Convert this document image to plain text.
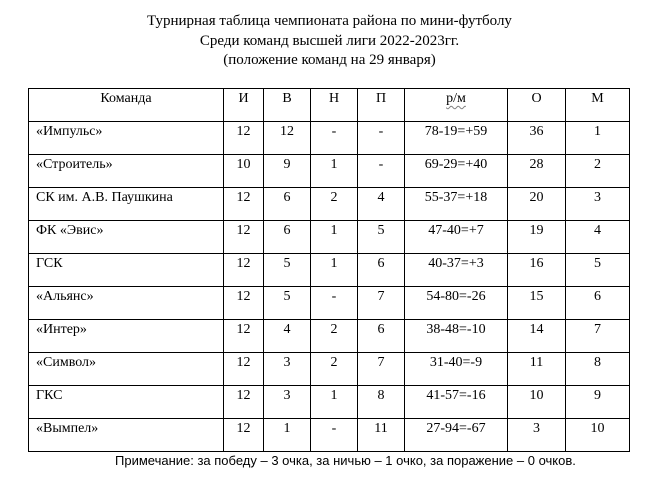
Турнирная таблица чемпионата района по мини-футболу
Среди команд высшей лиги 2022-2023гг.
(положение команд на 29 января)
Команда	И	В	Н	П	р/м	О	М

«Импульс»	12	12	-	-	78-19=+59	36	1

«Строитель»	10	9	1	-	69-29=+40	28	2

СК им. А.В. Паушкина	12	6	2	4	55-37=+18	20	3

ФК «Эвис»	12	6	1	5	47-40=+7	19	4

ГСК	12	5	1	6	40-37=+3	16	5

«Альянс»	12	5	-	7	54-80=-26	15	6

«Интер»	12	4	2	6	38-48=-10	14	7

«Символ»	12	3	2	7	31-40=-9	11	8

ГКС	12	3	1	8	41-57=-16	10	9

«Вымпел»	12	1	-	11	27-94=-67	3	10
Примечание: за победу – 3 очка, за ничью – 1 очко, за поражение – 0 очков.
